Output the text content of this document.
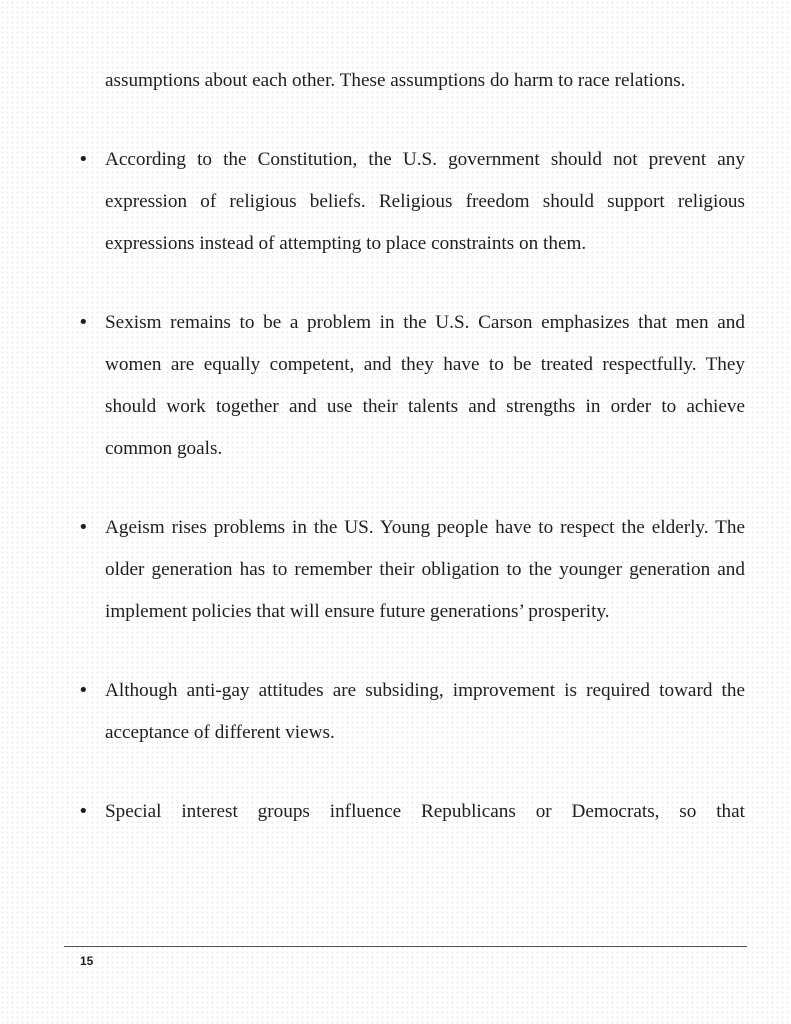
assumptions about each other. These assumptions do harm to race relations.

• According to the Constitution, the U.S. government should not prevent any expression of religious beliefs. Religious freedom should support religious expressions instead of attempting to place constraints on them.
• Sexism remains to be a problem in the U.S. Carson emphasizes that men and women are equally competent, and they have to be treated respectfully. They should work together and use their talents and strengths in order to achieve common goals.
• Ageism rises problems in the US. Young people have to respect the elderly. The older generation has to remember their obligation to the younger generation and implement policies that will ensure future generations’ prosperity.
• Although anti-gay attitudes are subsiding, improvement is required toward the acceptance of different views.
• Special interest groups influence Republicans or Democrats, so that
15
